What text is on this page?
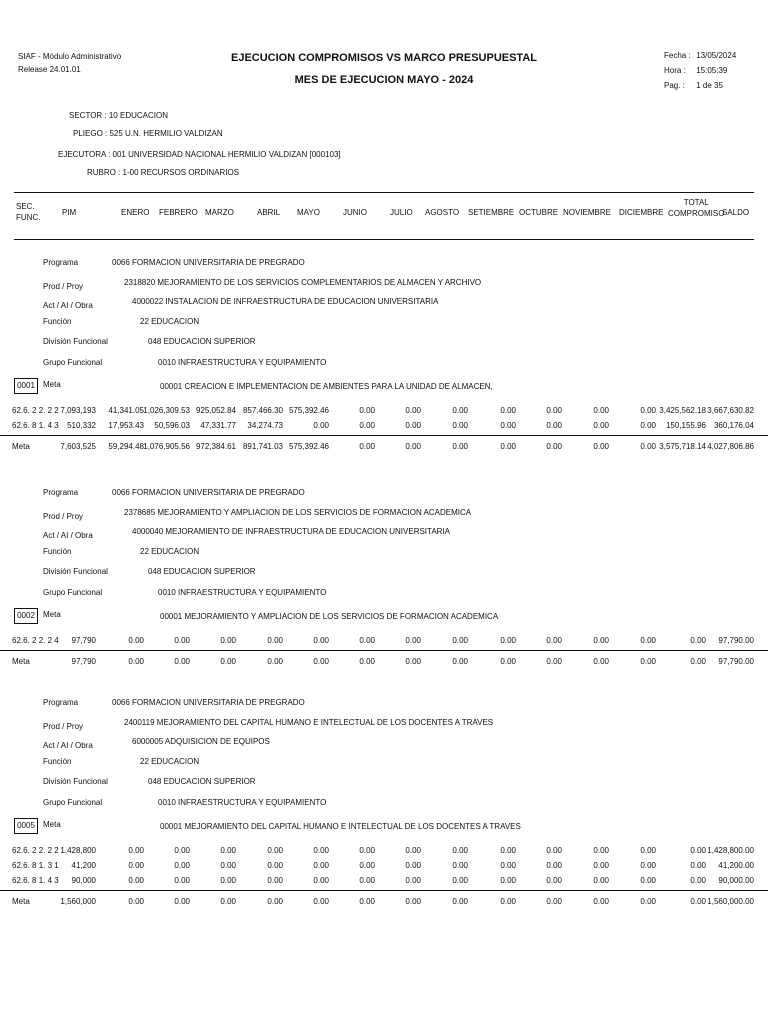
SIAF - Módulo Administrativo
Release 24.01.01
EJECUCION COMPROMISOS VS MARCO PRESUPUESTAL
MES DE EJECUCION MAYO - 2024
Fecha : 13/05/2024
Hora : 15:05:39
Pag. : 1 de 35
SECTOR : 10 EDUCACION
PLIEGO : 525 U.N. HERMILIO VALDIZAN
EJECUTORA : 001 UNIVERSIDAD NACIONAL HERMILIO VALDIZAN [000103]
RUBRO : 1-00 RECURSOS ORDINARIOS
SEC.
FUNC.
PIM	ENERO FEBRERO MARZO	ABRIL MAYO	JUNIO	JULIO AGOSTO SETIEMBRE OCTUBRE NOVIEMBRE DICIEMBRE
TOTAL
COMPROMISO
SALDO
Programa	0066 FORMACION UNIVERSITARIA DE PREGRADO
Prod / Proy	2318820 MEJORAMIENTO DE LOS SERVICIOS COMPLEMENTARIOS DE ALMACEN Y ARCHIVO
Act / AI / Obra	4000022 INSTALACION DE INFRAESTRUCTURA DE EDUCACION UNIVERSITARIA
Función	22 EDUCACION
División Funcional	048 EDUCACION SUPERIOR
Grupo Funcional	0010 INFRAESTRUCTURA Y EQUIPAMIENTO
0001	Meta	00001 CREACION E IMPLEMENTACION DE AMBIENTES PARA LA UNIDAD DE ALMACEN,
62.6. 2 2. 2 2 7,093,193 41,341.05 1,026,309.53 925,052.84 857,466.30 575,392.46	0.00	0.00	0.00	0.00	0.00	0.00	0.00 3,425,562.18 3,667,630.82
62.6. 8 1. 4 3 510,332 17,953.43 50,596.03 47,331.77 34,274.73	0.00	0.00	0.00	0.00	0.00	0.00	0.00	0.00 150,155.96 360,176.04
Meta	7,603,525 59,294.48 1,076,905.56 972,384.61 891,741.03 575,392.46	0.00	0.00	0.00	0.00	0.00	0.00	0.00 3,575,718.14 4,027,806.86
Programa	0066 FORMACION UNIVERSITARIA DE PREGRADO
Prod / Proy	2378685 MEJORAMIENTO Y AMPLIACION DE LOS SERVICIOS DE FORMACION ACADEMICA
Act / AI / Obra	4000040 MEJORAMIENTO DE INFRAESTRUCTURA DE EDUCACION UNIVERSITARIA
Función	22 EDUCACION
División Funcional	048 EDUCACION SUPERIOR
Grupo Funcional	0010 INFRAESTRUCTURA Y EQUIPAMIENTO
0002	Meta	00001 MEJORAMIENTO Y AMPLIACION DE LOS SERVICIOS DE FORMACION ACADEMICA
62.6. 2 2. 2 4 97,790	0.00	0.00	0.00	0.00	0.00	0.00	0.00	0.00	0.00	0.00	0.00	0.00	0.00 97,790.00
Meta	97,790	0.00	0.00	0.00	0.00	0.00	0.00	0.00	0.00	0.00	0.00	0.00	0.00	0.00 97,790.00
Programa	0066 FORMACION UNIVERSITARIA DE PREGRADO
Prod / Proy	2400119 MEJORAMIENTO DEL CAPITAL HUMANO E INTELECTUAL DE LOS DOCENTES A TRAVES
Act / AI / Obra	6000005 ADQUISICION DE EQUIPOS
Función	22 EDUCACION
División Funcional	048 EDUCACION SUPERIOR
Grupo Funcional	0010 INFRAESTRUCTURA Y EQUIPAMIENTO
0005	Meta	00001 MEJORAMIENTO DEL CAPITAL HUMANO E INTELECTUAL DE LOS DOCENTES A TRAVES
62.6. 2 2. 2 2 1,428,800	0.00	0.00	0.00	0.00	0.00	0.00	0.00	0.00	0.00	0.00	0.00	0.00	0.00 1,428,800.00
62.6. 8 1. 3 1 41,200	0.00	0.00	0.00	0.00	0.00	0.00	0.00	0.00	0.00	0.00	0.00	0.00	0.00 41,200.00
62.6. 8 1. 4 3 90,000	0.00	0.00	0.00	0.00	0.00	0.00	0.00	0.00	0.00	0.00	0.00	0.00	0.00 90,000.00
Meta	1,560,000	0.00	0.00	0.00	0.00	0.00	0.00	0.00	0.00	0.00	0.00	0.00	0.00	0.00 1,560,000.00
